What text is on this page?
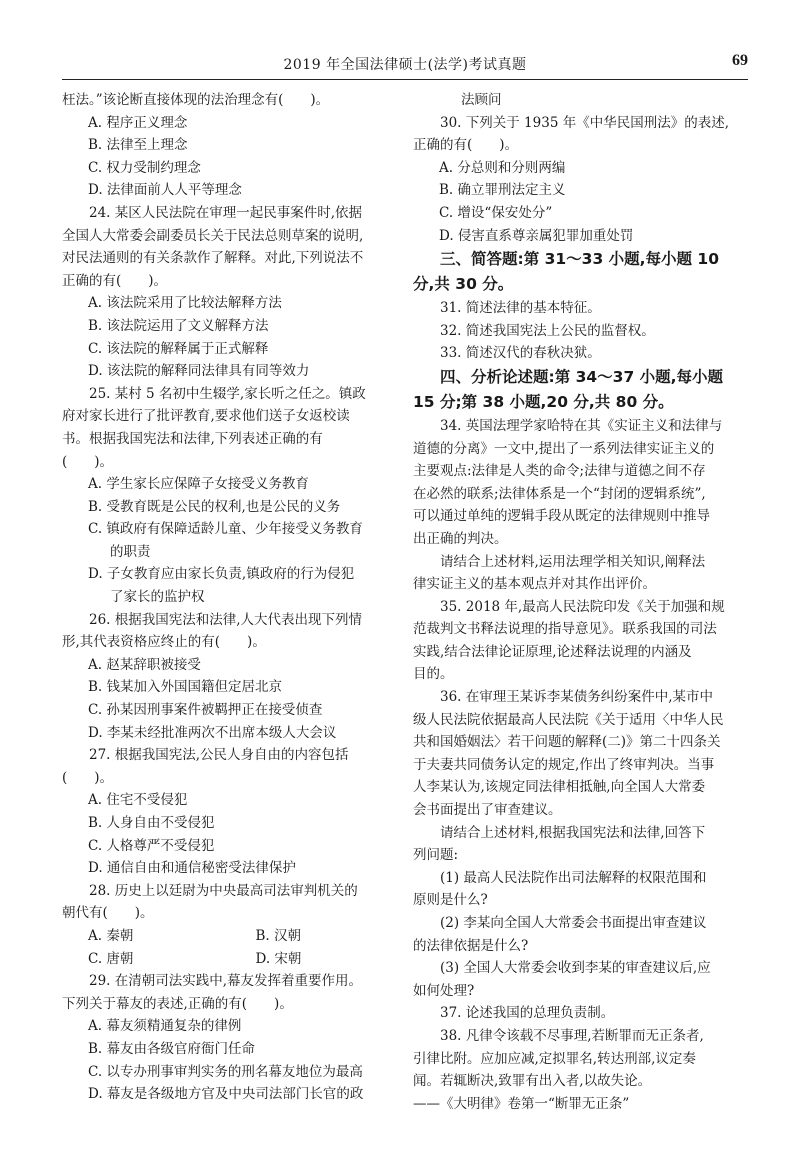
2019 年全国法律硕士(法学)考试真题	69

枉法。”该论断直接体现的法治理念有(　　)。

A. 程序正义理念

B. 法律至上理念

C. 权力受制约理念

D. 法律面前人人平等理念

24. 某区人民法院在审理一起民事案件时,依据

全国人大常委会副委员长关于民法总则草案的说明,

对民法通则的有关条款作了解释。对此,下列说法不

正确的有(　　)。

A. 该法院采用了比较法解释方法

B. 该法院运用了文义解释方法

C. 该法院的解释属于正式解释

D. 该法院的解释同法律具有同等效力

25. 某村 5 名初中生辍学,家长听之任之。镇政

府对家长进行了批评教育,要求他们送子女返校读

书。根据我国宪法和法律,下列表述正确的有

(　　)。

A. 学生家长应保障子女接受义务教育

B. 受教育既是公民的权利,也是公民的义务

C. 镇政府有保障适龄儿童、少年接受义务教育

的职责

D. 子女教育应由家长负责,镇政府的行为侵犯

了家长的监护权

26. 根据我国宪法和法律,人大代表出现下列情

形,其代表资格应终止的有(　　)。

A. 赵某辞职被接受

B. 钱某加入外国国籍但定居北京

C. 孙某因刑事案件被羁押正在接受侦查

D. 李某未经批准两次不出席本级人大会议

27. 根据我国宪法,公民人身自由的内容包括

(　　)。

A. 住宅不受侵犯

B. 人身自由不受侵犯

C. 人格尊严不受侵犯

D. 通信自由和通信秘密受法律保护

28. 历史上以廷尉为中央最高司法审判机关的

朝代有(　　)。

A. 秦朝	B. 汉朝
C. 唐朝	D. 宋朝

29. 在清朝司法实践中,幕友发挥着重要作用。

下列关于幕友的表述,正确的有(　　)。

A. 幕友须精通复杂的律例

B. 幕友由各级官府衙门任命

C. 以专办刑事审判实务的刑名幕友地位为最高

D. 幕友是各级地方官及中央司法部门长官的政

法顾问

30. 下列关于 1935 年《中华民国刑法》的表述,

正确的有(　　)。

A. 分总则和分则两编

B. 确立罪刑法定主义

C. 增设“保安处分”

D. 侵害直系尊亲属犯罪加重处罚

三、简答题:第 31～33 小题,每小题 10

分,共 30 分。

31. 简述法律的基本特征。

32. 简述我国宪法上公民的监督权。

33. 简述汉代的春秋决狱。

四、分析论述题:第 34～37 小题,每小题

15 分;第 38 小题,20 分,共 80 分。

34. 英国法理学家哈特在其《实证主义和法律与

道德的分离》一文中,提出了一系列法律实证主义的

主要观点:法律是人类的命令;法律与道德之间不存

在必然的联系;法律体系是一个“封闭的逻辑系统”,

可以通过单纯的逻辑手段从既定的法律规则中推导

出正确的判决。

请结合上述材料,运用法理学相关知识,阐释法

律实证主义的基本观点并对其作出评价。

35. 2018 年,最高人民法院印发《关于加强和规

范裁判文书释法说理的指导意见》。联系我国的司法

实践,结合法律论证原理,论述释法说理的内涵及

目的。

36. 在审理王某诉李某债务纠纷案件中,某市中

级人民法院依据最高人民法院《关于适用〈中华人民

共和国婚姻法〉若干问题的解释(二)》第二十四条关

于夫妻共同债务认定的规定,作出了终审判决。当事

人李某认为,该规定同法律相抵触,向全国人大常委

会书面提出了审查建议。

请结合上述材料,根据我国宪法和法律,回答下

列问题:

(1) 最高人民法院作出司法解释的权限范围和

原则是什么?

(2) 李某向全国人大常委会书面提出审查建议

的法律依据是什么?

(3) 全国人大常委会收到李某的审查建议后,应

如何处理?

37. 论述我国的总理负责制。

38. 凡律令该载不尽事理,若断罪而无正条者,

引律比附。应加应减,定拟罪名,转达刑部,议定奏

闻。若辄断决,致罪有出入者,以故失论。

——《大明律》卷第一“断罪无正条”
